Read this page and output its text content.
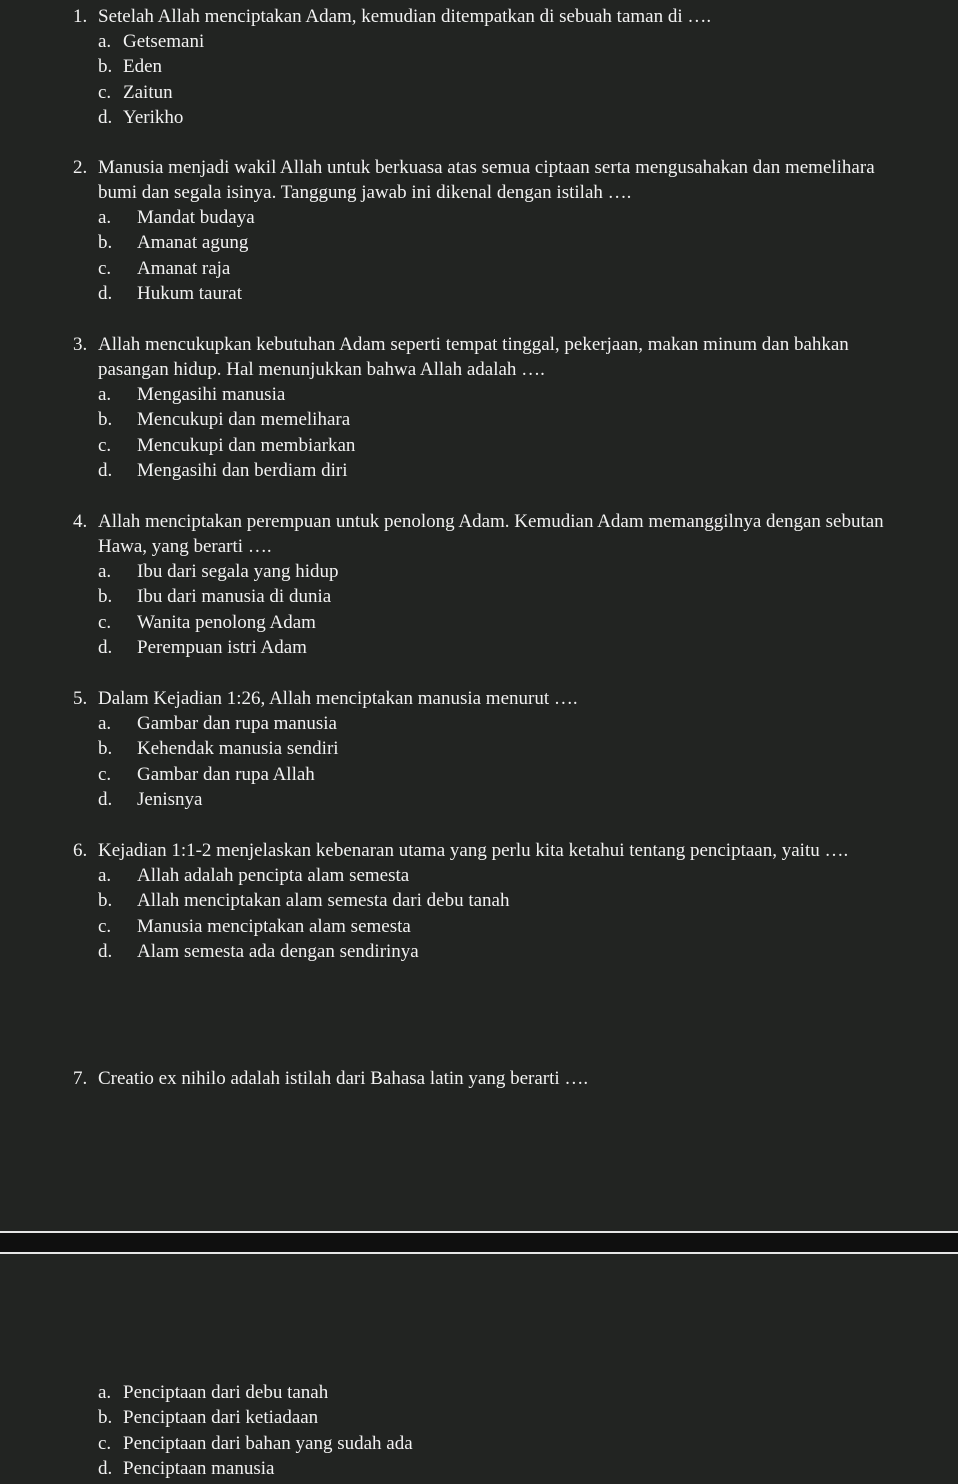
1. Setelah Allah menciptakan Adam, kemudian ditempatkan di sebuah taman di ….

a. Getsemani
b. Eden
c. Zaitun
d. Yerikho

2. Manusia menjadi wakil Allah untuk berkuasa atas semua ciptaan serta mengusahakan dan memelihara bumi dan segala isinya. Tanggung jawab ini dikenal dengan istilah ….

a. Mandat budaya
b. Amanat agung
c. Amanat raja
d. Hukum taurat

3. Allah mencukupkan kebutuhan Adam seperti tempat tinggal, pekerjaan, makan minum dan bahkan pasangan hidup. Hal menunjukkan bahwa Allah adalah ….

a. Mengasihi manusia
b. Mencukupi dan memelihara
c. Mencukupi dan membiarkan
d. Mengasihi dan berdiam diri

4. Allah menciptakan perempuan untuk penolong Adam. Kemudian Adam memanggilnya dengan sebutan Hawa, yang berarti ….

a. Ibu dari segala yang hidup
b. Ibu dari manusia di dunia
c. Wanita penolong Adam
d. Perempuan istri Adam

5. Dalam Kejadian 1:26, Allah menciptakan manusia menurut ….

a. Gambar dan rupa manusia
b. Kehendak manusia sendiri
c. Gambar dan rupa Allah
d. Jenisnya

6. Kejadian 1:1-2 menjelaskan kebenaran utama yang perlu kita ketahui tentang penciptaan, yaitu ….

a. Allah adalah pencipta alam semesta
b. Allah menciptakan alam semesta dari debu tanah
c. Manusia menciptakan alam semesta
d. Alam semesta ada dengan sendirinya

7. Creatio ex nihilo adalah istilah dari Bahasa latin yang berarti ….

a. Penciptaan dari debu tanah
b. Penciptaan dari ketiadaan
c. Penciptaan dari bahan yang sudah ada
d. Penciptaan manusia
